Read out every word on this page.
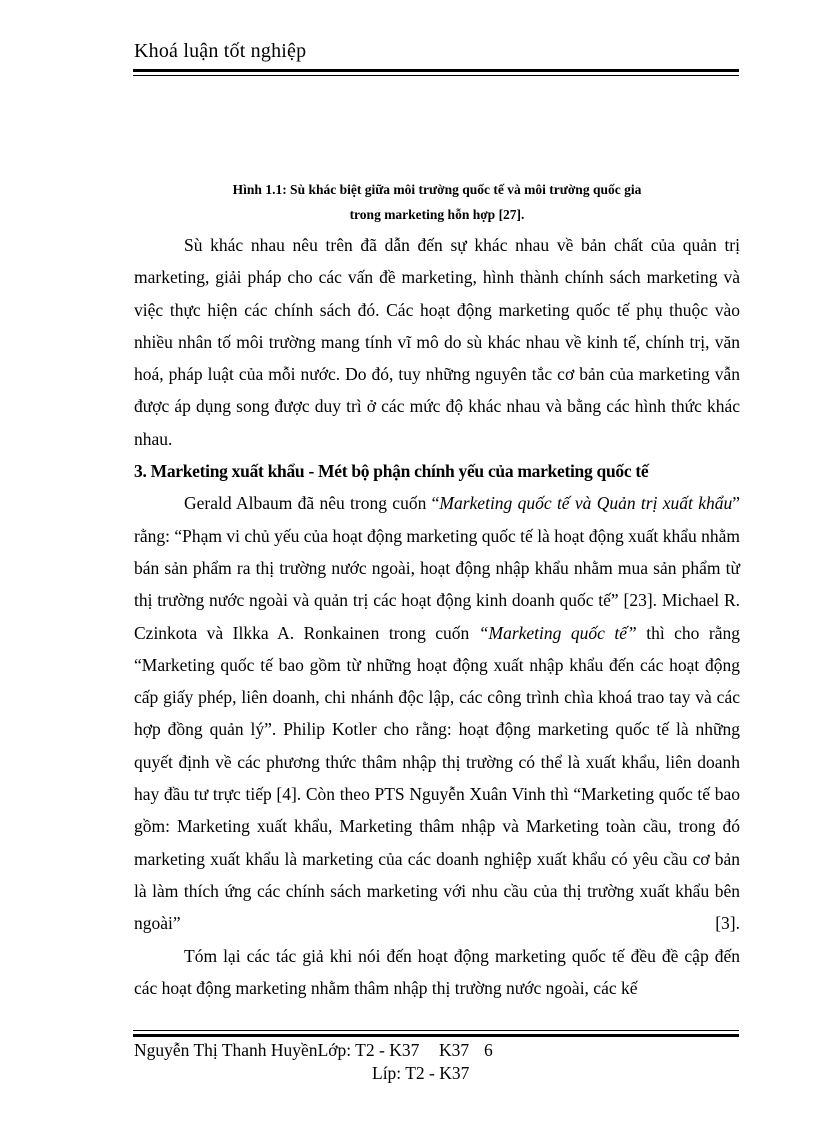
Khoá luận tốt nghiệp
Hình 1.1: Sù khác biệt giữa môi trường quốc tế và môi trường quốc gia
trong marketing hỗn hợp [27].

Sù khác nhau nêu trên đã dẫn đến sự khác nhau về bản chất của quản trị marketing, giải pháp cho các vấn đề marketing, hình thành chính sách marketing và việc thực hiện các chính sách đó. Các hoạt động marketing quốc tế phụ thuộc vào nhiều nhân tố môi trường mang tính vĩ mô do sù khác nhau về kinh tế, chính trị, văn hoá, pháp luật của mỗi nước. Do đó, tuy những nguyên tắc cơ bản của marketing vẫn được áp dụng song được duy trì ở các mức độ khác nhau và bằng các hình thức khác nhau.

3. Marketing xuất khẩu - Mét bộ phận chính yếu của marketing quốc tế

Gerald Albaum đã nêu trong cuốn “Marketing quốc tế và Quản trị xuất khẩu” rằng: “Phạm vi chủ yếu của hoạt động marketing quốc tế là hoạt động xuất khẩu nhằm bán sản phẩm ra thị trường nước ngoài, hoạt động nhập khẩu nhằm mua sản phẩm từ thị trường nước ngoài và quản trị các hoạt động kinh doanh quốc tế” [23]. Michael R. Czinkota và Ilkka A. Ronkainen trong cuốn “Marketing quốc tế” thì cho rằng “Marketing quốc tế bao gồm từ những hoạt động xuất nhập khẩu đến các hoạt động cấp giấy phép, liên doanh, chi nhánh độc lập, các công trình chìa khoá trao tay và các hợp đồng quản lý”. Philip Kotler cho rằng: hoạt động marketing quốc tế là những quyết định về các phương thức thâm nhập thị trường có thể là xuất khẩu, liên doanh hay đầu tư trực tiếp [4]. Còn theo PTS Nguyễn Xuân Vinh thì “Marketing quốc tế bao gồm: Marketing xuất khẩu, Marketing thâm nhập và Marketing toàn cầu, trong đó marketing xuất khẩu là marketing của các doanh nghiệp xuất khẩu có yêu cầu cơ bản là làm thích ứng các chính sách marketing với nhu cầu của thị trường xuất khẩu bên ngoài” [3].

Tóm lại các tác giả khi nói đến hoạt động marketing quốc tế đều đề cập đến các hoạt động marketing nhằm thâm nhập thị trường nước ngoài, các kế

Nguyễn Thị Thanh HuyềnLớp: T2 - K37 K37 6
Líp: T2 - K37
